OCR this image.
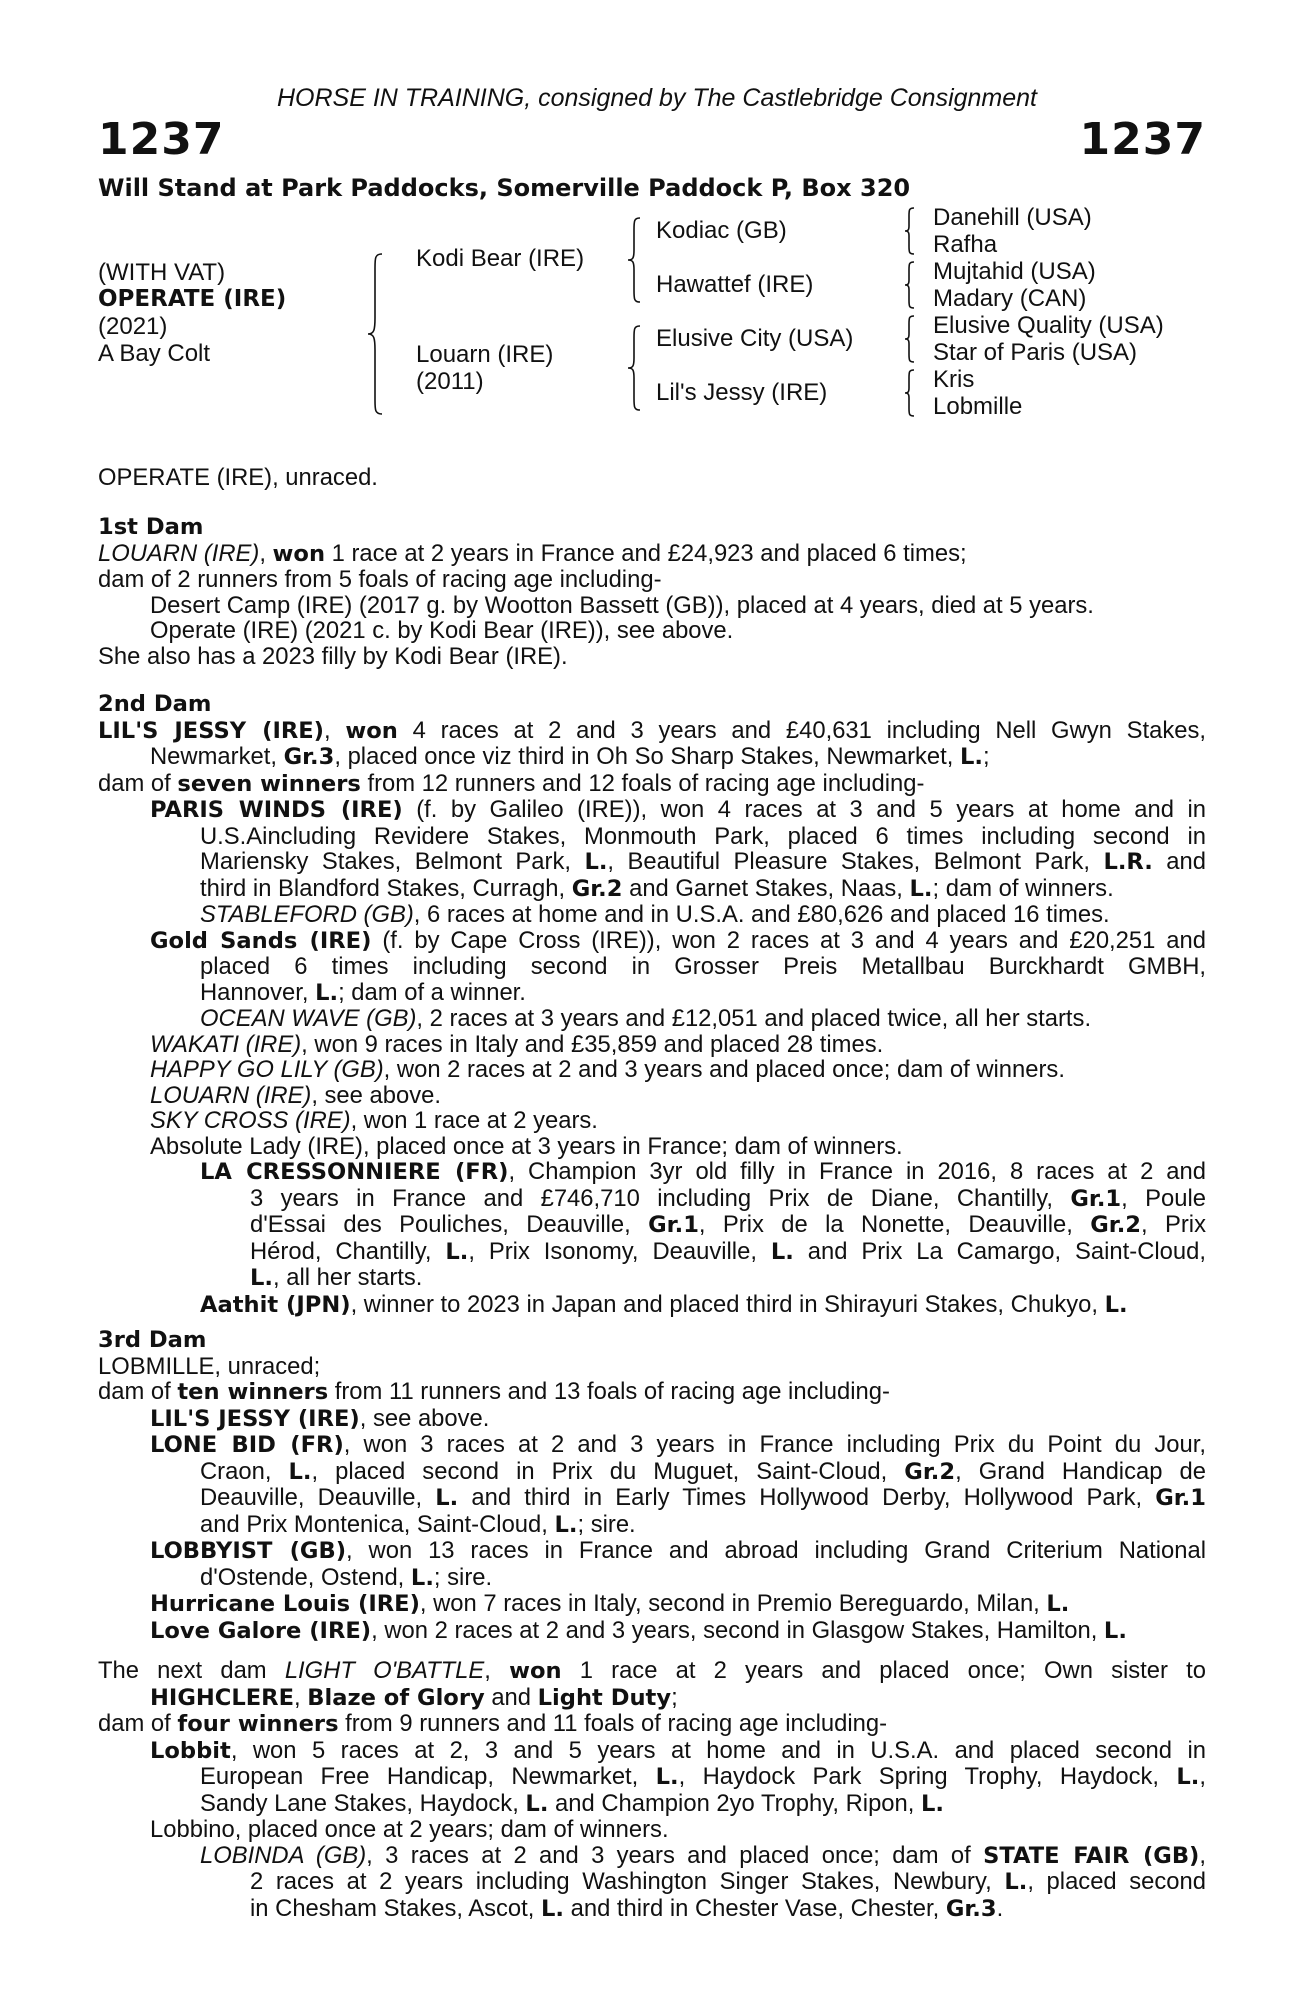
HORSE IN TRAINING, consigned by The Castlebridge Consignment
1237	1237
Will Stand at Park Paddocks, Somerville Paddock P, Box 320
(WITH VAT)
OPERATE (IRE)
(2021)
A Bay Colt
Kodi Bear (IRE)
Louarn (IRE)
(2011)
Kodiac (GB)
Hawattef (IRE)
Elusive City (USA)
Lil's Jessy (IRE)
Danehill (USA)
Rafha
Mujtahid (USA)
Madary (CAN)
Elusive Quality (USA)
Star of Paris (USA)
Kris
Lobmille
OPERATE (IRE), unraced.
1st Dam
LOUARN (IRE), won 1 race at 2 years in France and £24,923 and placed 6 times;
dam of 2 runners from 5 foals of racing age including-
Desert Camp (IRE) (2017 g. by Wootton Bassett (GB)), placed at 4 years, died at 5 years.
Operate (IRE) (2021 c. by Kodi Bear (IRE)), see above.
She also has a 2023 filly by Kodi Bear (IRE).
2nd Dam
LIL'S JESSY (IRE), won 4 races at 2 and 3 years and £40,631 including Nell Gwyn Stakes,
Newmarket, Gr.3, placed once viz third in Oh So Sharp Stakes, Newmarket, L.;
dam of seven winners from 12 runners and 12 foals of racing age including-
PARIS WINDS (IRE) (f. by Galileo (IRE)), won 4 races at 3 and 5 years at home and in
U.S.Aincluding Revidere Stakes, Monmouth Park, placed 6 times including second in
Mariensky Stakes, Belmont Park, L., Beautiful Pleasure Stakes, Belmont Park, L.R. and
third in Blandford Stakes, Curragh, Gr.2 and Garnet Stakes, Naas, L.; dam of winners.
STABLEFORD (GB), 6 races at home and in U.S.A. and £80,626 and placed 16 times.
Gold Sands (IRE) (f. by Cape Cross (IRE)), won 2 races at 3 and 4 years and £20,251 and
placed 6 times including second in Grosser Preis Metallbau Burckhardt GMBH,
Hannover, L.; dam of a winner.
OCEAN WAVE (GB), 2 races at 3 years and £12,051 and placed twice, all her starts.
WAKATI (IRE), won 9 races in Italy and £35,859 and placed 28 times.
HAPPY GO LILY (GB), won 2 races at 2 and 3 years and placed once; dam of winners.
LOUARN (IRE), see above.
SKY CROSS (IRE), won 1 race at 2 years.
Absolute Lady (IRE), placed once at 3 years in France; dam of winners.
LA CRESSONNIERE (FR), Champion 3yr old filly in France in 2016, 8 races at 2 and
3 years in France and £746,710 including Prix de Diane, Chantilly, Gr.1, Poule
d'Essai des Pouliches, Deauville, Gr.1, Prix de la Nonette, Deauville, Gr.2, Prix
Hérod, Chantilly, L., Prix Isonomy, Deauville, L. and Prix La Camargo, Saint-Cloud,
L., all her starts.
Aathit (JPN), winner to 2023 in Japan and placed third in Shirayuri Stakes, Chukyo, L.
3rd Dam
LOBMILLE, unraced;
dam of ten winners from 11 runners and 13 foals of racing age including-
LIL'S JESSY (IRE), see above.
LONE BID (FR), won 3 races at 2 and 3 years in France including Prix du Point du Jour,
Craon, L., placed second in Prix du Muguet, Saint-Cloud, Gr.2, Grand Handicap de
Deauville, Deauville, L. and third in Early Times Hollywood Derby, Hollywood Park, Gr.1
and Prix Montenica, Saint-Cloud, L.; sire.
LOBBYIST (GB), won 13 races in France and abroad including Grand Criterium National
d'Ostende, Ostend, L.; sire.
Hurricane Louis (IRE), won 7 races in Italy, second in Premio Bereguardo, Milan, L.
Love Galore (IRE), won 2 races at 2 and 3 years, second in Glasgow Stakes, Hamilton, L.
The next dam LIGHT O'BATTLE, won 1 race at 2 years and placed once; Own sister to
HIGHCLERE, Blaze of Glory and Light Duty;
dam of four winners from 9 runners and 11 foals of racing age including-
Lobbit, won 5 races at 2, 3 and 5 years at home and in U.S.A. and placed second in
European Free Handicap, Newmarket, L., Haydock Park Spring Trophy, Haydock, L.,
Sandy Lane Stakes, Haydock, L. and Champion 2yo Trophy, Ripon, L.
Lobbino, placed once at 2 years; dam of winners.
LOBINDA (GB), 3 races at 2 and 3 years and placed once; dam of STATE FAIR (GB),
2 races at 2 years including Washington Singer Stakes, Newbury, L., placed second
in Chesham Stakes, Ascot, L. and third in Chester Vase, Chester, Gr.3.
